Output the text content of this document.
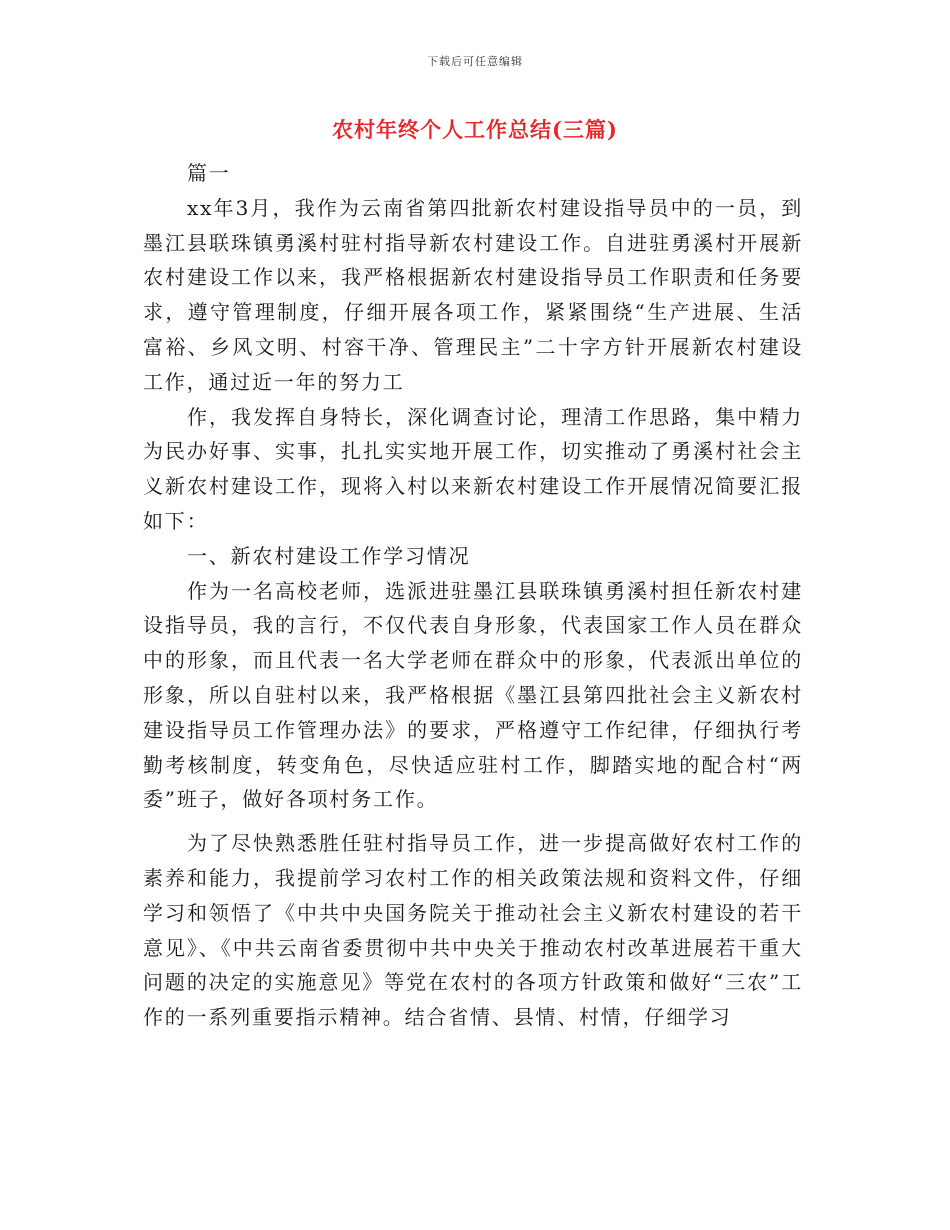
下载后可任意编辑
农村年终个人工作总结(三篇)

篇一

xx年3月，我作为云南省第四批新农村建设指导员中的一员，到墨江县联珠镇勇溪村驻村指导新农村建设工作。自进驻勇溪村开展新农村建设工作以来，我严格根据新农村建设指导员工作职责和任务要求，遵守管理制度，仔细开展各项工作，紧紧围绕“生产进展、生活富裕、乡风文明、村容干净、管理民主”二十字方针开展新农村建设工作，通过近一年的努力工

作，我发挥自身特长，深化调查讨论，理清工作思路，集中精力为民办好事、实事，扎扎实实地开展工作，切实推动了勇溪村社会主义新农村建设工作，现将入村以来新农村建设工作开展情况简要汇报如下：

一、新农村建设工作学习情况

作为一名高校老师，选派进驻墨江县联珠镇勇溪村担任新农村建设指导员，我的言行，不仅代表自身形象，代表国家工作人员在群众中的形象，而且代表一名大学老师在群众中的形象，代表派出单位的形象，所以自驻村以来，我严格根据《墨江县第四批社会主义新农村建设指导员工作管理办法》的要求，严格遵守工作纪律，仔细执行考勤考核制度，转变角色，尽快适应驻村工作，脚踏实地的配合村“两委”班子，做好各项村务工作。

为了尽快熟悉胜任驻村指导员工作，进一步提高做好农村工作的素养和能力，我提前学习农村工作的相关政策法规和资料文件，仔细学习和领悟了《中共中央国务院关于推动社会主义新农村建设的若干意见》、《中共云南省委贯彻中共中央关于推动农村改革进展若干重大问题的决定的实施意见》等党在农村的各项方针政策和做好“三农”工作的一系列重要指示精神。结合省情、县情、村情，仔细学习
